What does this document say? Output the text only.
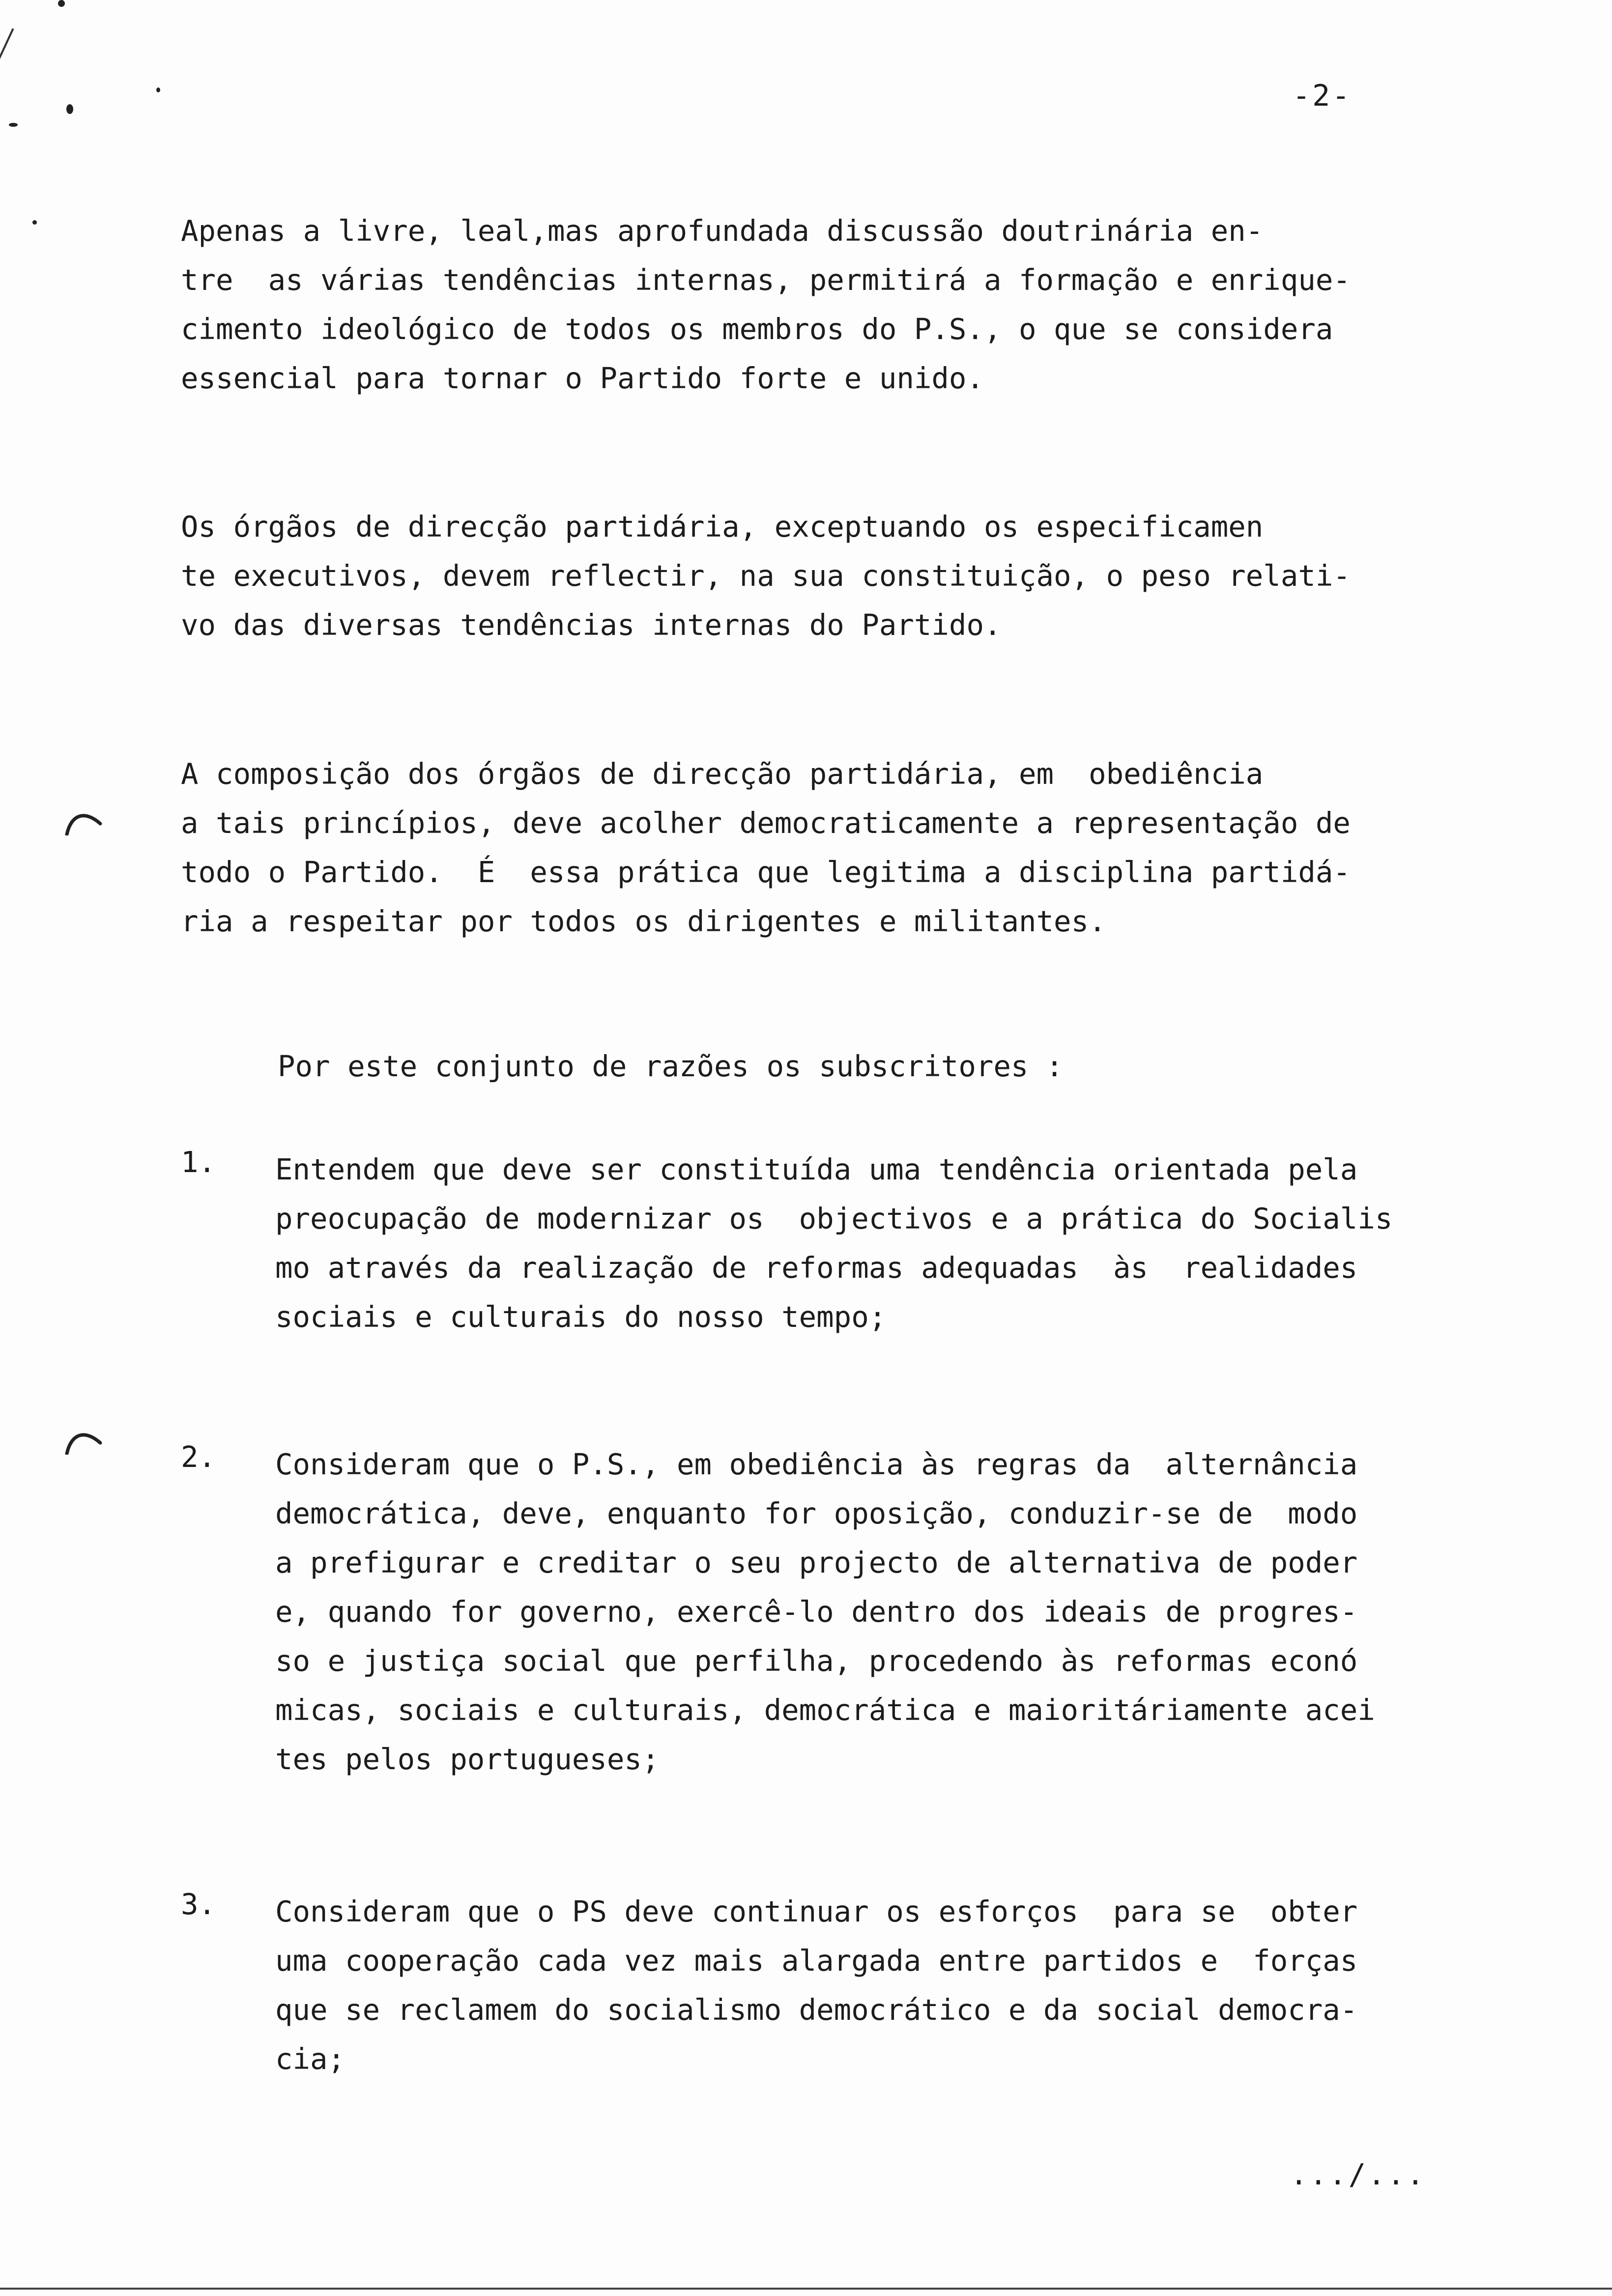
-2-

Apenas a livre, leal,mas aprofundada discussão doutrinária en-
tre  as várias tendências internas, permitirá a formação e enrique-
cimento ideológico de todos os membros do P.S., o que se considera
essencial para tornar o Partido forte e unido.

Os órgãos de direcção partidária, exceptuando os especificamen
te executivos, devem reflectir, na sua constituição, o peso relati-
vo das diversas tendências internas do Partido.

A composição dos órgãos de direcção partidária, em  obediência
a tais princípios, deve acolher democraticamente a representação de
todo o Partido.  É  essa prática que legitima a disciplina partidá-
ria a respeitar por todos os dirigentes e militantes.

Por este conjunto de razões os subscritores :

1. Entendem que deve ser constituída uma tendência orientada pela
preocupação de modernizar os  objectivos e a prática do Socialis
mo através da realização de reformas adequadas  às  realidades
sociais e culturais do nosso tempo;

2. Consideram que o P.S., em obediência às regras da  alternância
democrática, deve, enquanto for oposição, conduzir-se de  modo
a prefigurar e creditar o seu projecto de alternativa de poder
e, quando for governo, exercê-lo dentro dos ideais de progres-
so e justiça social que perfilha, procedendo às reformas econó
micas, sociais e culturais, democrática e maioritáriamente acei
tes pelos portugueses;

3. Consideram que o PS deve continuar os esforços  para se  obter
uma cooperação cada vez mais alargada entre partidos e  forças
que se reclamem do socialismo democrático e da social democra-
cia;

.../...
